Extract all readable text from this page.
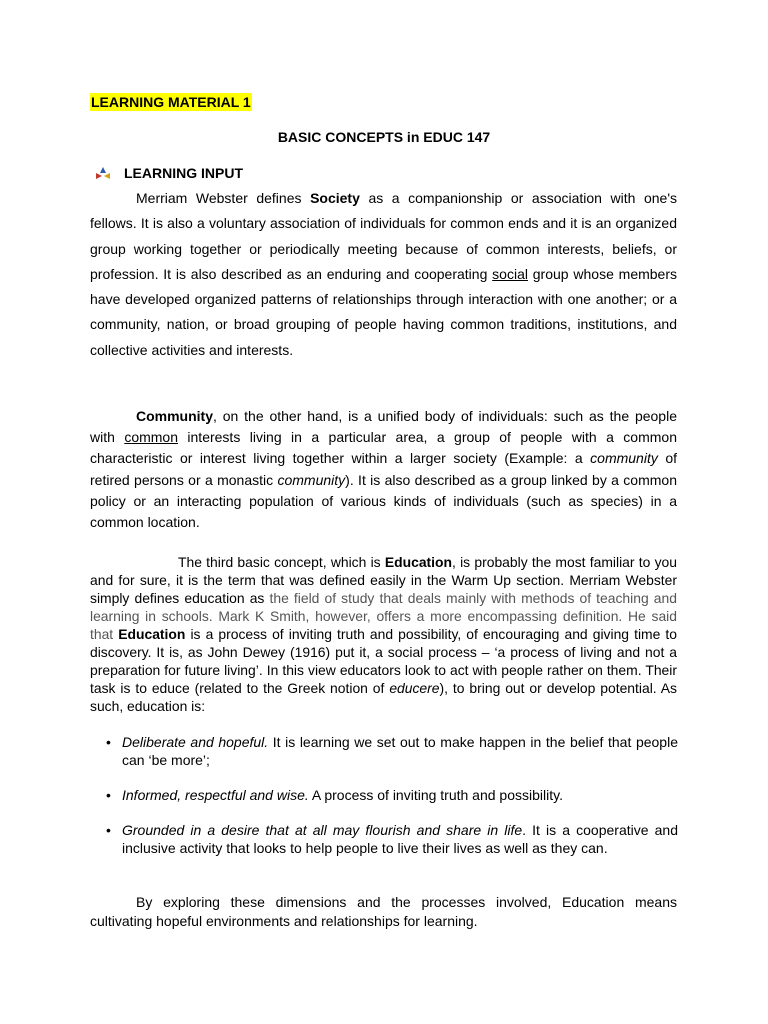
LEARNING MATERIAL 1
BASIC CONCEPTS in EDUC 147
LEARNING INPUT
Merriam Webster defines Society as a companionship or association with one's fellows. It is also a voluntary association of individuals for common ends and it is an organized group working together or periodically meeting because of common interests, beliefs, or profession. It is also described as an enduring and cooperating social group whose members have developed organized patterns of relationships through interaction with one another; or a community, nation, or broad grouping of people having common traditions, institutions, and collective activities and interests.
Community, on the other hand, is a unified body of individuals: such as the people with common interests living in a particular area, a group of people with a common characteristic or interest living together within a larger society (Example: a community of retired persons or a monastic community). It is also described as a group linked by a common policy or an interacting population of various kinds of individuals (such as species) in a common location.
The third basic concept, which is Education, is probably the most familiar to you and for sure, it is the term that was defined easily in the Warm Up section. Merriam Webster simply defines education as the field of study that deals mainly with methods of teaching and learning in schools. Mark K Smith, however, offers a more encompassing definition. He said that Education is a process of inviting truth and possibility, of encouraging and giving time to discovery. It is, as John Dewey (1916) put it, a social process – ‘a process of living and not a preparation for future living’. In this view educators look to act with people rather on them. Their task is to educe (related to the Greek notion of educere), to bring out or develop potential. As such, education is:
• Deliberate and hopeful. It is learning we set out to make happen in the belief that people can ‘be more’;
• Informed, respectful and wise. A process of inviting truth and possibility.
• Grounded in a desire that at all may flourish and share in life. It is a cooperative and inclusive activity that looks to help people to live their lives as well as they can.
By exploring these dimensions and the processes involved, Education means cultivating hopeful environments and relationships for learning.
